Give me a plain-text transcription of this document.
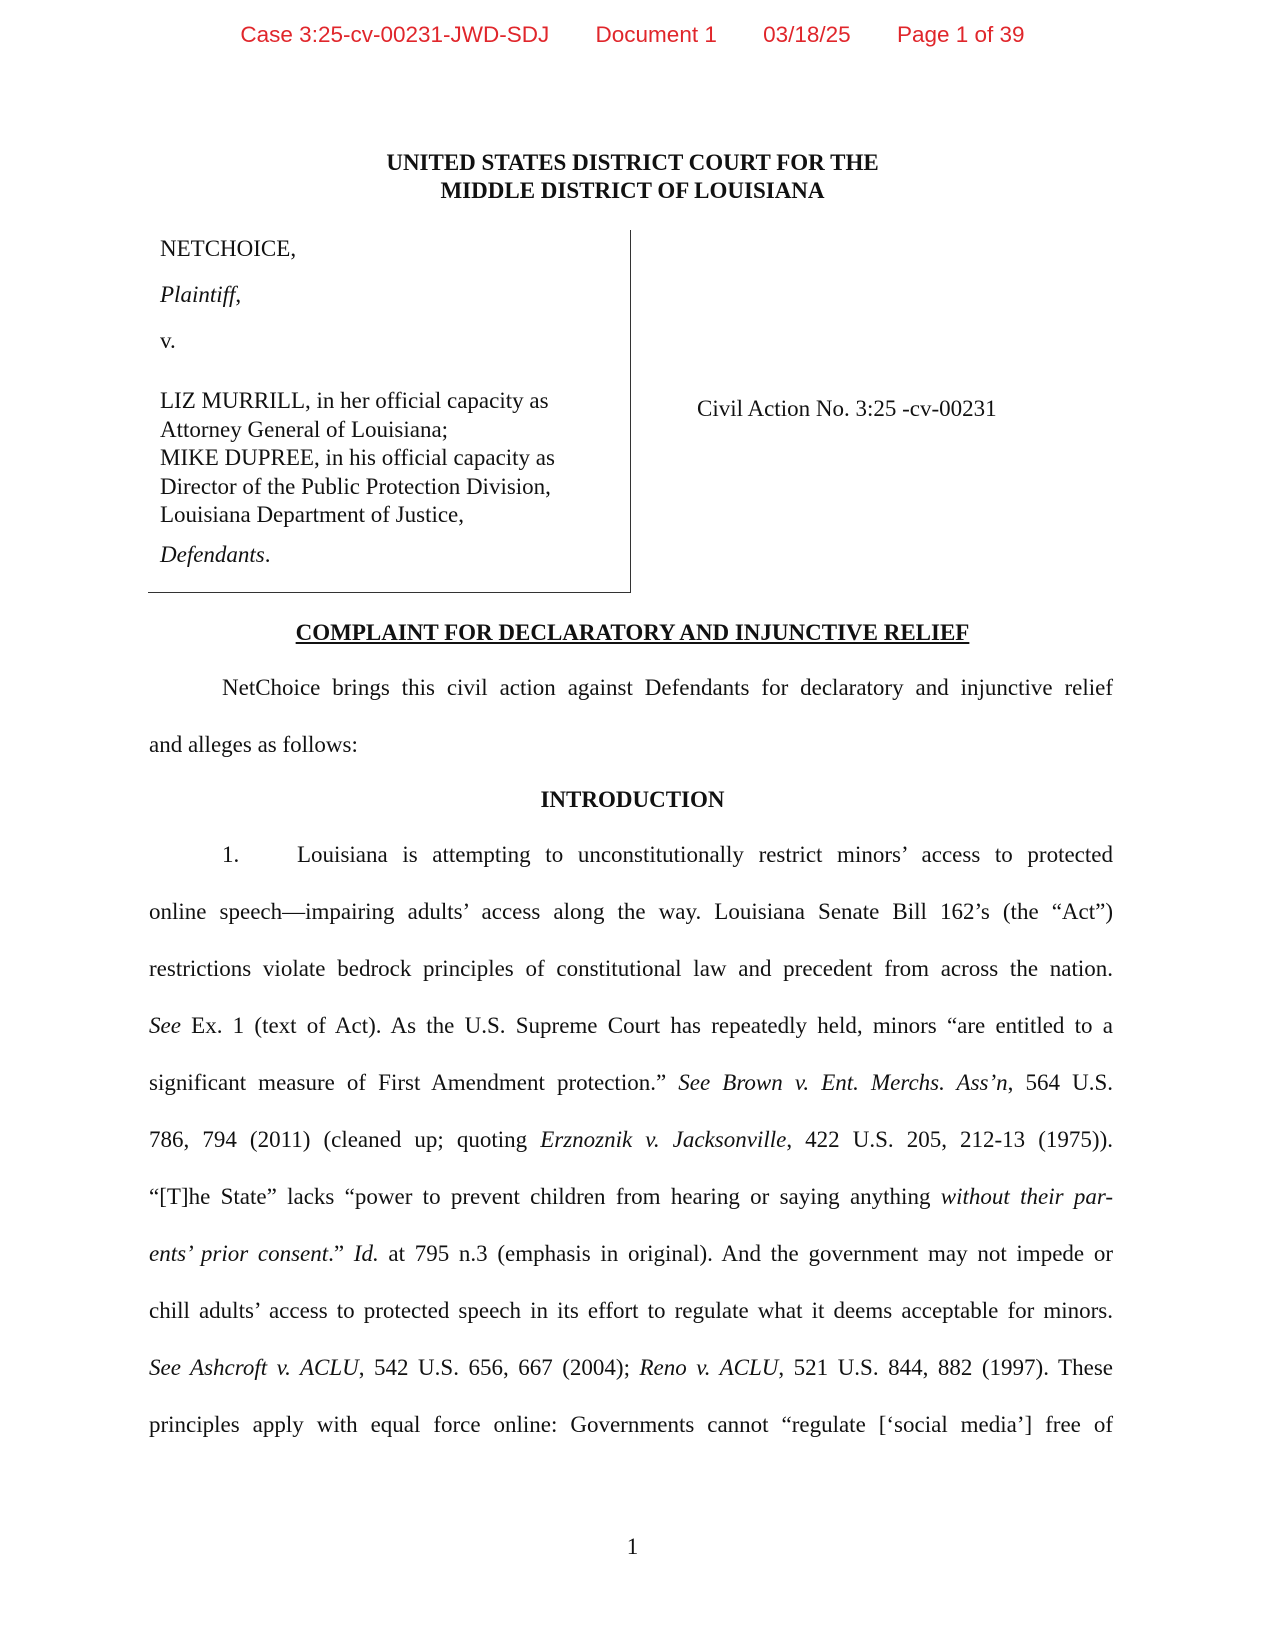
Case 3:25-cv-00231-JWD-SDJ Document 1 03/18/25 Page 1 of 39
UNITED STATES DISTRICT COURT FOR THE
MIDDLE DISTRICT OF LOUISIANA
NETCHOICE,
Plaintiff,
v.
LIZ MURRILL, in her official capacity as
Attorney General of Louisiana;
MIKE DUPREE, in his official capacity as
Director of the Public Protection Division,
Louisiana Department of Justice,
Defendants.
Civil Action No. 3:25 -cv-00231
COMPLAINT FOR DECLARATORY AND INJUNCTIVE RELIEF
NetChoice brings this civil action against Defendants for declaratory and injunctive relief
and alleges as follows:
INTRODUCTION
1.	Louisiana is attempting to unconstitutionally restrict minors’ access to protected
online speech—impairing adults’ access along the way. Louisiana Senate Bill 162’s (the “Act”)
restrictions violate bedrock principles of constitutional law and precedent from across the nation.
See Ex. 1 (text of Act). As the U.S. Supreme Court has repeatedly held, minors “are entitled to a
significant measure of First Amendment protection.” See Brown v. Ent. Merchs. Ass’n, 564 U.S.
786, 794 (2011) (cleaned up; quoting Erznoznik v. Jacksonville, 422 U.S. 205, 212-13 (1975)).
“[T]he State” lacks “power to prevent children from hearing or saying anything without their par-
ents’ prior consent.” Id. at 795 n.3 (emphasis in original). And the government may not impede or
chill adults’ access to protected speech in its effort to regulate what it deems acceptable for minors.
See Ashcroft v. ACLU, 542 U.S. 656, 667 (2004); Reno v. ACLU, 521 U.S. 844, 882 (1997). These
principles apply with equal force online: Governments cannot “regulate [‘social media’] free of
1
